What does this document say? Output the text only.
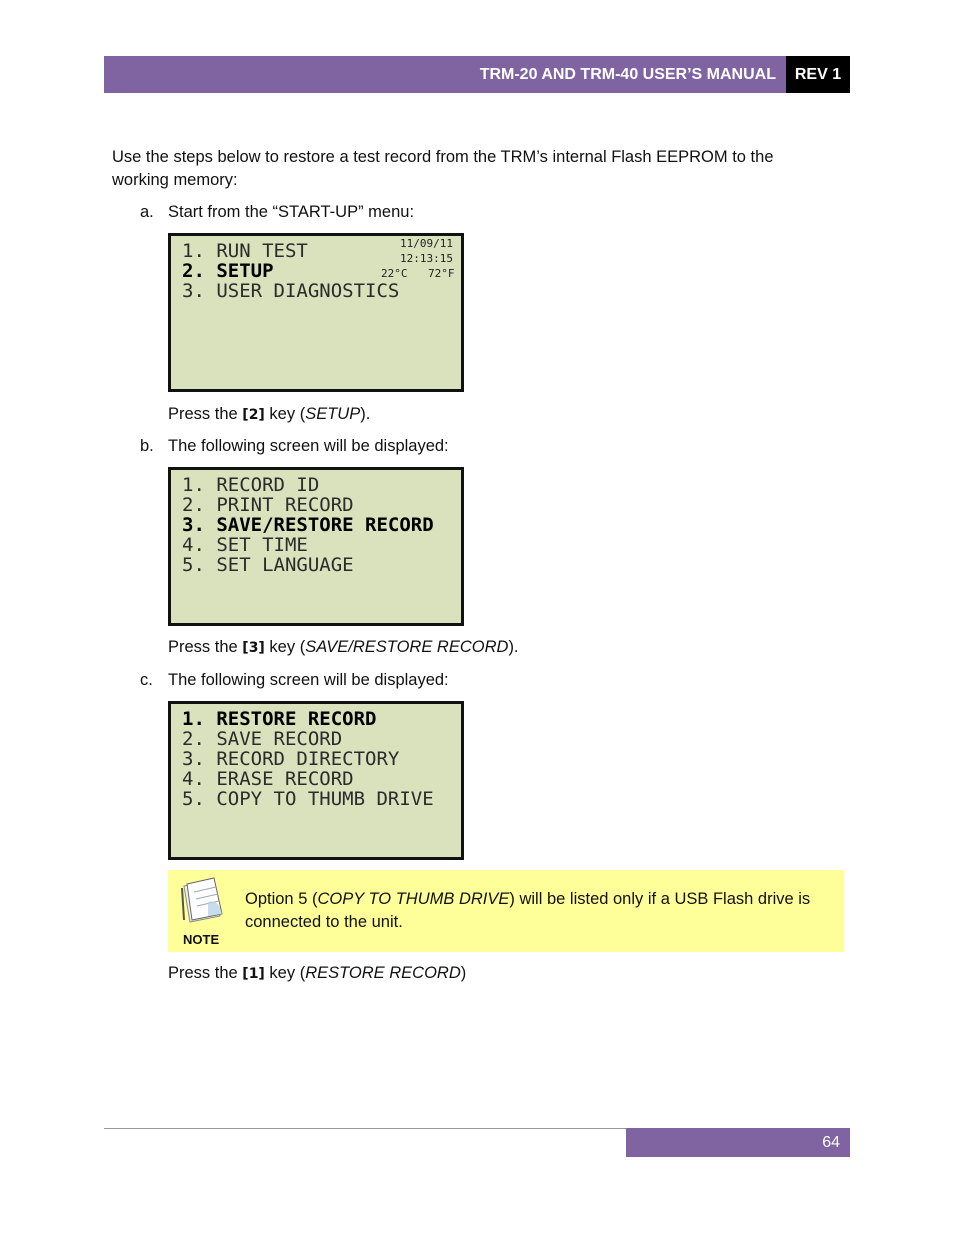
TRM-20 AND TRM-40 USER’S MANUAL REV 1
Use the steps below to restore a test record from the TRM’s internal Flash EEPROM to the
working memory:
a. Start from the “START-UP” menu:
1. RUN TEST
2. SETUP
3. USER DIAGNOSTICS
11/09/11
12:13:15
22°C 72°F
Press the [2] key (SETUP).
b. The following screen will be displayed:
1. RECORD ID
2. PRINT RECORD
3. SAVE/RESTORE RECORD
4. SET TIME
5. SET LANGUAGE
Press the [3] key (SAVE/RESTORE RECORD).
c. The following screen will be displayed:
1. RESTORE RECORD
2. SAVE RECORD
3. RECORD DIRECTORY
4. ERASE RECORD
5. COPY TO THUMB DRIVE
NOTE
Option 5 (COPY TO THUMB DRIVE) will be listed only if a USB Flash drive is connected to the unit.
Press the [1] key (RESTORE RECORD)
64
